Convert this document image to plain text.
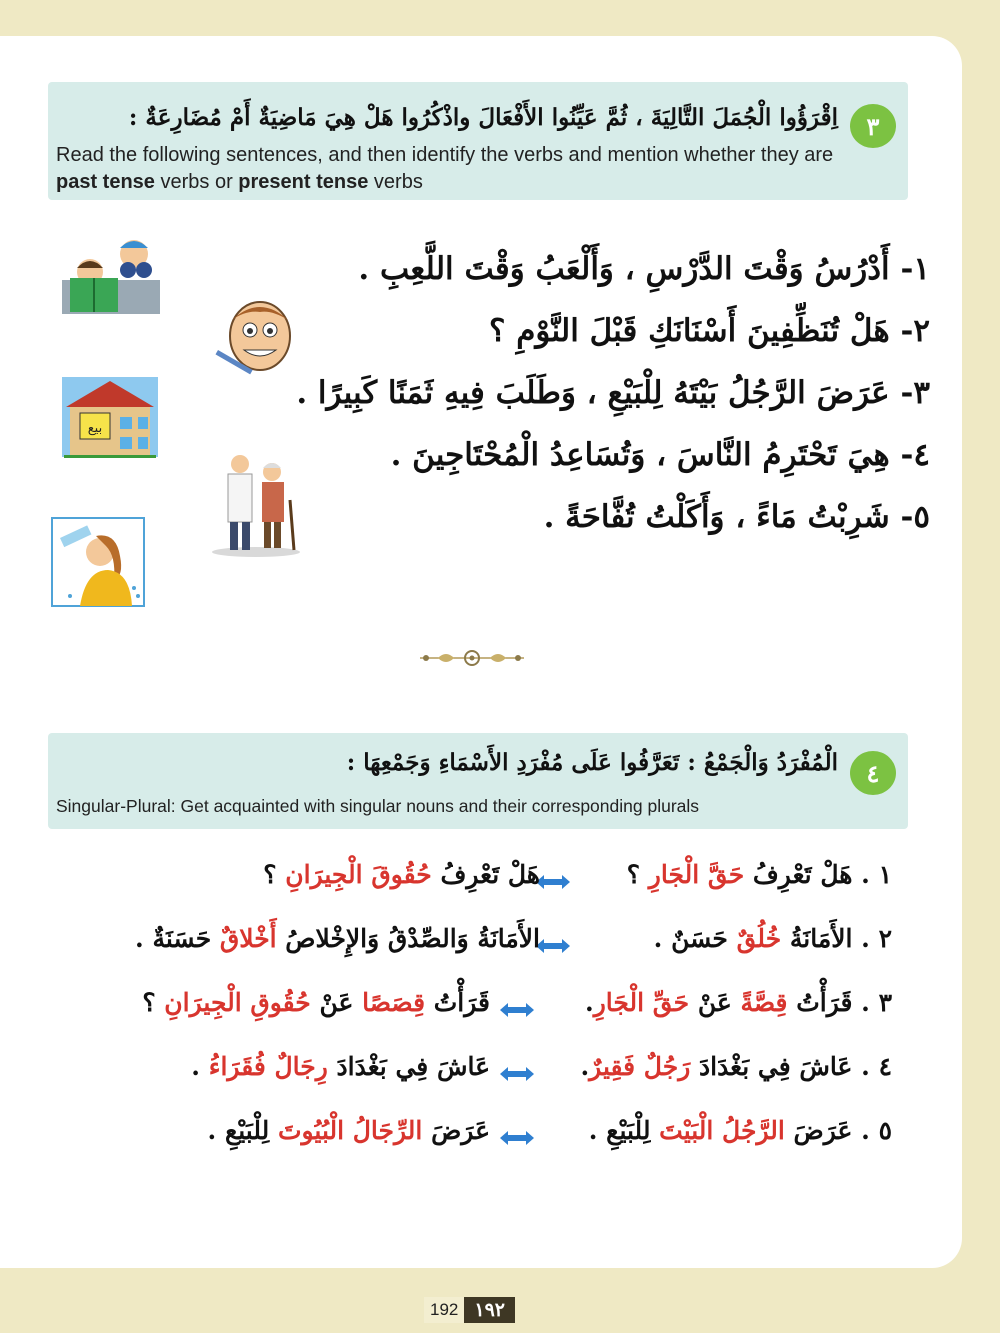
٣
اِقْرَؤُوا الْجُمَلَ التَّالِيَةَ ، ثُمَّ عَيِّنُوا الأَفْعَالَ واذْكُرُوا هَلْ هِيَ مَاضِيَةٌ أَمْ مُضَارِعَةٌ :
Read the following sentences, and then identify the verbs and mention whether they are past tense verbs or present tense verbs
١- أَدْرُسُ وَقْتَ الدَّرْسِ ، وَأَلْعَبُ وَقْتَ اللَّعِبِ .
٢- هَلْ تُنَظِّفِينَ أَسْنَانَكِ قَبْلَ النَّوْمِ ؟
٣- عَرَضَ الرَّجُلُ بَيْتَهُ لِلْبَيْعِ ، وَطَلَبَ فِيهِ ثَمَنًا كَبِيرًا .
٤- هِيَ تَحْتَرِمُ النَّاسَ ، وَتُسَاعِدُ الْمُحْتَاجِينَ .
٥- شَرِبْتُ مَاءً ، وَأَكَلْتُ تُفَّاحَةً .
بيع
٤
الْمُفْرَدُ وَالْجَمْعُ : تَعَرَّفُوا عَلَى مُفْرَدِ الأَسْمَاءِ وَجَمْعِهَا :
Singular-Plural: Get acquainted with singular nouns and their corresponding plurals
١ . هَلْ تَعْرِفُ حَقَّ الْجَارِ ؟
هَلْ تَعْرِفُ حُقُوقَ الْجِيرَانِ ؟
٢ . الأَمَانَةُ خُلُقٌ حَسَنٌ .
الأَمَانَةُ وَالصِّدْقُ وَالإِخْلاصُ أَخْلاقٌ حَسَنَةٌ .
٣ . قَرَأْتُ قِصَّةً عَنْ حَقِّ الْجَارِ.
قَرَأْتُ قِصَصًا عَنْ حُقُوقِ الْجِيرَانِ ؟
٤ . عَاشَ فِي بَغْدَادَ رَجُلٌ فَقِيرٌ.
عَاشَ فِي بَغْدَادَ رِجَالٌ فُقَرَاءُ .
٥ . عَرَضَ الرَّجُلُ الْبَيْتَ لِلْبَيْعِ .
عَرَضَ الرِّجَالُ الْبُيُوتَ لِلْبَيْعِ .
192 ١٩٢
